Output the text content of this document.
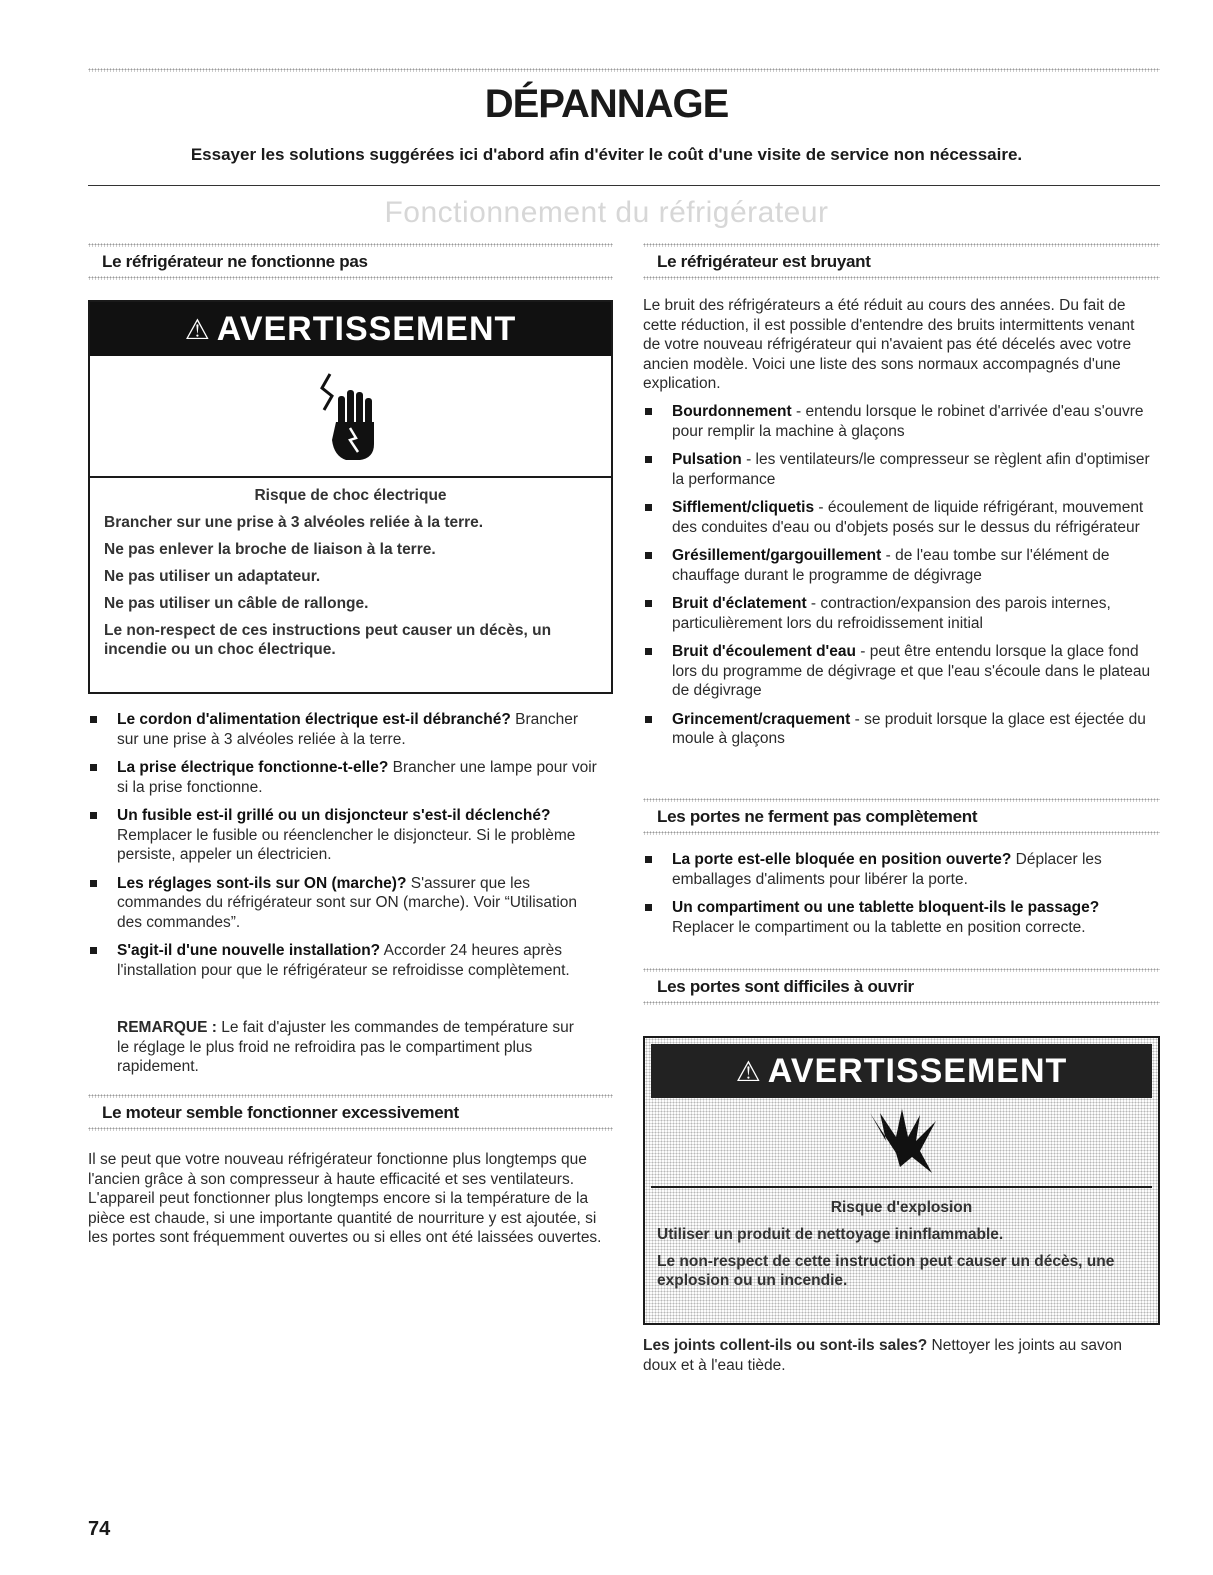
DÉPANNAGE

Essayer les solutions suggérées ici d'abord afin d'éviter le coût d'une visite de service non nécessaire.

Fonctionnement du réfrigérateur
Le réfrigérateur ne fonctionne pas
⚠ AVERTISSEMENT

Risque de choc électrique

Brancher sur une prise à 3 alvéoles reliée à la terre.

Ne pas enlever la broche de liaison à la terre.

Ne pas utiliser un adaptateur.

Ne pas utiliser un câble de rallonge.

Le non-respect de ces instructions peut causer un décès, un incendie ou un choc électrique.

Le cordon d'alimentation électrique est-il débranché? Brancher sur une prise à 3 alvéoles reliée à la terre.
La prise électrique fonctionne-t-elle? Brancher une lampe pour voir si la prise fonctionne.
Un fusible est-il grillé ou un disjoncteur s'est-il déclenché? Remplacer le fusible ou réenclencher le disjoncteur. Si le problème persiste, appeler un électricien.
Les réglages sont-ils sur ON (marche)? S'assurer que les commandes du réfrigérateur sont sur ON (marche). Voir “Utilisation des commandes”.
S'agit-il d'une nouvelle installation? Accorder 24 heures après l'installation pour que le réfrigérateur se refroidisse complètement.

REMARQUE : Le fait d'ajuster les commandes de température sur le réglage le plus froid ne refroidira pas le compartiment plus rapidement.

Le moteur semble fonctionner excessivement

Il se peut que votre nouveau réfrigérateur fonctionne plus longtemps que l'ancien grâce à son compresseur à haute efficacité et ses ventilateurs. L'appareil peut fonctionner plus longtemps encore si la température de la pièce est chaude, si une importante quantité de nourriture y est ajoutée, si les portes sont fréquemment ouvertes ou si elles ont été laissées ouvertes.

Le réfrigérateur est bruyant

Le bruit des réfrigérateurs a été réduit au cours des années. Du fait de cette réduction, il est possible d'entendre des bruits intermittents venant de votre nouveau réfrigérateur qui n'avaient pas été décelés avec votre ancien modèle. Voici une liste des sons normaux accompagnés d'une explication.

Bourdonnement - entendu lorsque le robinet d'arrivée d'eau s'ouvre pour remplir la machine à glaçons
Pulsation - les ventilateurs/le compresseur se règlent afin d'optimiser la performance
Sifflement/cliquetis - écoulement de liquide réfrigérant, mouvement des conduites d'eau ou d'objets posés sur le dessus du réfrigérateur
Grésillement/gargouillement - de l'eau tombe sur l'élément de chauffage durant le programme de dégivrage
Bruit d'éclatement - contraction/expansion des parois internes, particulièrement lors du refroidissement initial
Bruit d'écoulement d'eau - peut être entendu lorsque la glace fond lors du programme de dégivrage et que l'eau s'écoule dans le plateau de dégivrage
Grincement/craquement - se produit lorsque la glace est éjectée du moule à glaçons
Les portes ne ferment pas complètement
La porte est-elle bloquée en position ouverte? Déplacer les emballages d'aliments pour libérer la porte.
Un compartiment ou une tablette bloquent-ils le passage? Replacer le compartiment ou la tablette en position correcte.
Les portes sont difficiles à ouvrir
⚠ AVERTISSEMENT

Risque d'explosion

Utiliser un produit de nettoyage ininflammable.

Le non-respect de cette instruction peut causer un décès, une explosion ou un incendie.

Les joints collent-ils ou sont-ils sales? Nettoyer les joints au savon doux et à l'eau tiède.

74
